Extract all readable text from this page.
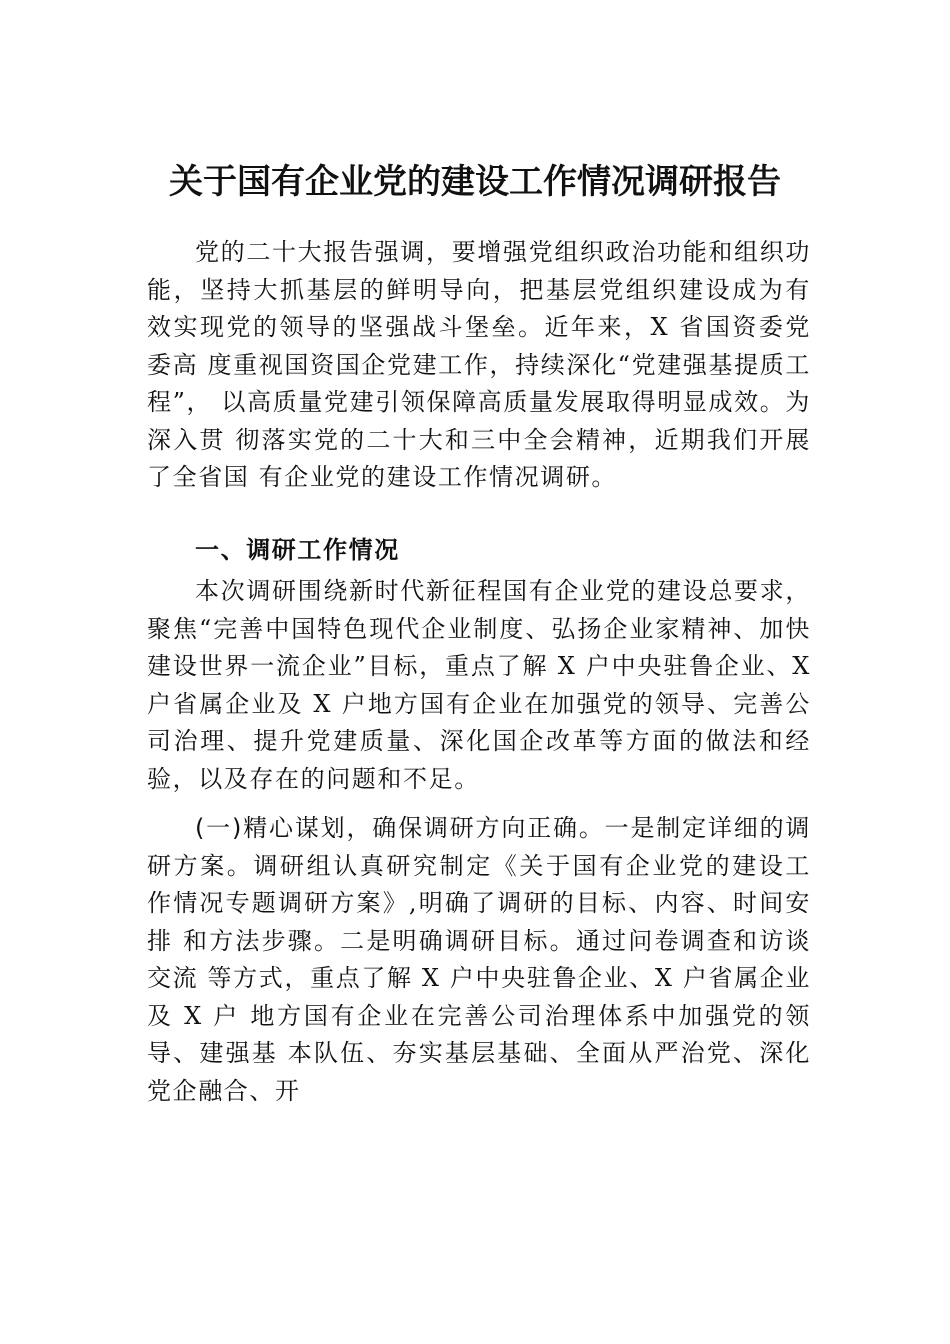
关于国有企业党的建设工作情况调研报告

党的二十大报告强调，要增强党组织政治功能和组织功能，坚持大抓基层的鲜明导向，把基层党组织建设成为有效实现党的领导的坚强战斗堡垒。近年来，X 省国资委党委高 度重视国资国企党建工作，持续深化“党建强基提质工程”， 以高质量党建引领保障高质量发展取得明显成效。为深入贯 彻落实党的二十大和三中全会精神，近期我们开展了全省国 有企业党的建设工作情况调研。

一、调研工作情况

本次调研围绕新时代新征程国有企业党的建设总要求，聚焦“完善中国特色现代企业制度、弘扬企业家精神、加快建设世界一流企业”目标，重点了解 X 户中央驻鲁企业、X 户省属企业及 X 户地方国有企业在加强党的领导、完善公司治理、提升党建质量、深化国企改革等方面的做法和经验，以及存在的问题和不足。

(一)精心谋划，确保调研方向正确。一是制定详细的调研方案。调研组认真研究制定《关于国有企业党的建设工作情况专题调研方案》,明确了调研的目标、内容、时间安排 和方法步骤。二是明确调研目标。通过问卷调查和访谈交流 等方式，重点了解 X 户中央驻鲁企业、X 户省属企业及 X 户 地方国有企业在完善公司治理体系中加强党的领导、建强基 本队伍、夯实基层基础、全面从严治党、深化党企融合、开
